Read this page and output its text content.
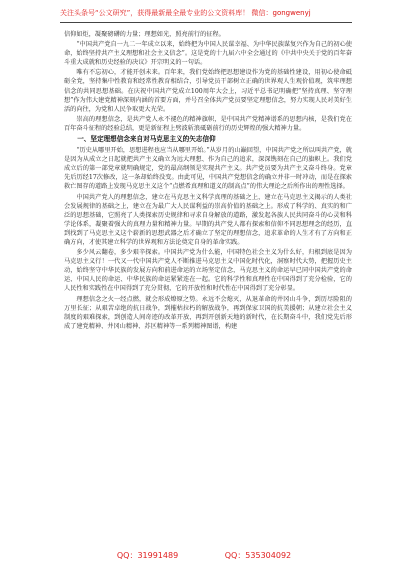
关注头条号“公文研究”，获得最新最全最专业的公文资料库！ 微信：gongwenyj

信仰如炬，凝聚磅礴的力量；理想如光，照亮前行的征程。

“中国共产党自一九二一年成立以来，始终把为中国人民谋幸福、为中华民族谋复兴作为自己的初心使命，始终坚持共产主义理想和社会主义信念”。这是党的十九届六中全会通过的《中共中央关于党的百年奋斗重大成就和历史经验的决议》开宗明义的一句话。

唯有不忘初心，才能开创未来。百年来，我们党始终把思想建设作为党的基础性建设，用初心使命砥砺全党，坚持集中性教育和经常性教育相结合，引导党员干部树立正确的世界观人生观价值观，筑牢理想信念的共同思想基础。在庆祝中国共产党成立100周年大会上，习近平总书记明确把“坚持真理、坚守理想”作为伟大建党精神深刻内涵的首要方面，并号召全体共产党员要坚定理想信念，努力实现人民对美好生活的向往，为党和人民争取更大光荣。

崇高的理想信念，是共产党人永不褪色的精神旗帜，是中国共产党精神谱系的思想内核，是我们党在百年奋斗征程的经验总结，更是新征程上劈波斩浪砥砺前行的历史辉煌的强大精神力量。

一、坚定理想信念来自对马克思主义的矢志信仰

“历史从哪里开始，思想进程也应当从哪里开始。”从岁月的山巅回望，中国共产党之所以叫共产党，就是因为从成立之日起就把共产主义确立为远大理想、作为自己的追求，深深镌刻在自己的旗帜上。我们党成立后的第一部党章就明确规定，党的最高纲领是实现共产主义。共产党员要为共产主义奋斗终身。党章先后历经17次修改，这一条却始终没变。由此可见，中国共产党想信念的确立并非一时冲动，而是在探索救亡图存的道路上发现马克思主义这个“点燃希真理和道义的制高点”的伟大理论之后所作出的理性选择。

中国共产党人的理想信念，建立在马克思主义科学真理的基础之上，建立在马克思主义揭示的人类社会发展规律的基础之上，建立在为最广大人民谋利益的崇高价值的基础之上。形成了科学的、真实的和广泛的思想基础，它照亮了人类探索历史规律和寻求自身解放的道路，激发起各族人民共同奋斗的心灵和科学论体系，凝聚着强大的真理力量和精神力量。早期的共产党人都有探索和信仰不同思想理念的经历，直到找到了马克思主义这个崭新的思想武器之后才确立了坚定的理想信念，追求革命的人生才有了方向和正确方向，才使其建立科学的世界观和方法论奠定自身的革命实践。

多少风云翻卷，多少艰辛探索。中国共产党为什么能，中国特色社会主义为什么好，归根到底是因为马克思主义行！一代又一代中国共产党人不断推进马克思主义中国化时代化，洞察时代大势，把握历史主动，始终坚守中华民族的发展方向和前进命运的立场坚定信念，马克思主义的命运早已同中国共产党的命运、中国人民的命运、中华民族的命运紧紧连在一起。它的科学性和真理性在中国得到了充分检验，它的人民性和实践性在中国得到了充分贯彻，它的开放性和时代性在中国得到了充分彰显。

理想信念之火一经点燃，就会形成燎原之势。永远不会熄灭，从退革命的井冈山斗争，到历尽险阻的万里长征；从艰苦卓绝的抗日战争，到摧枯拉朽的解放战争，再到保家卫国的抗美援朝；从建立社会主义制度的艰难探索，到创造人间奇迹的改革开放，再到开创新天地的新时代，在长期奋斗中，我们党先后形成了建党精神、井冈山精神、苏区精神等一系列精神图谱，构建

QQ：31991489	QQ：535304092
